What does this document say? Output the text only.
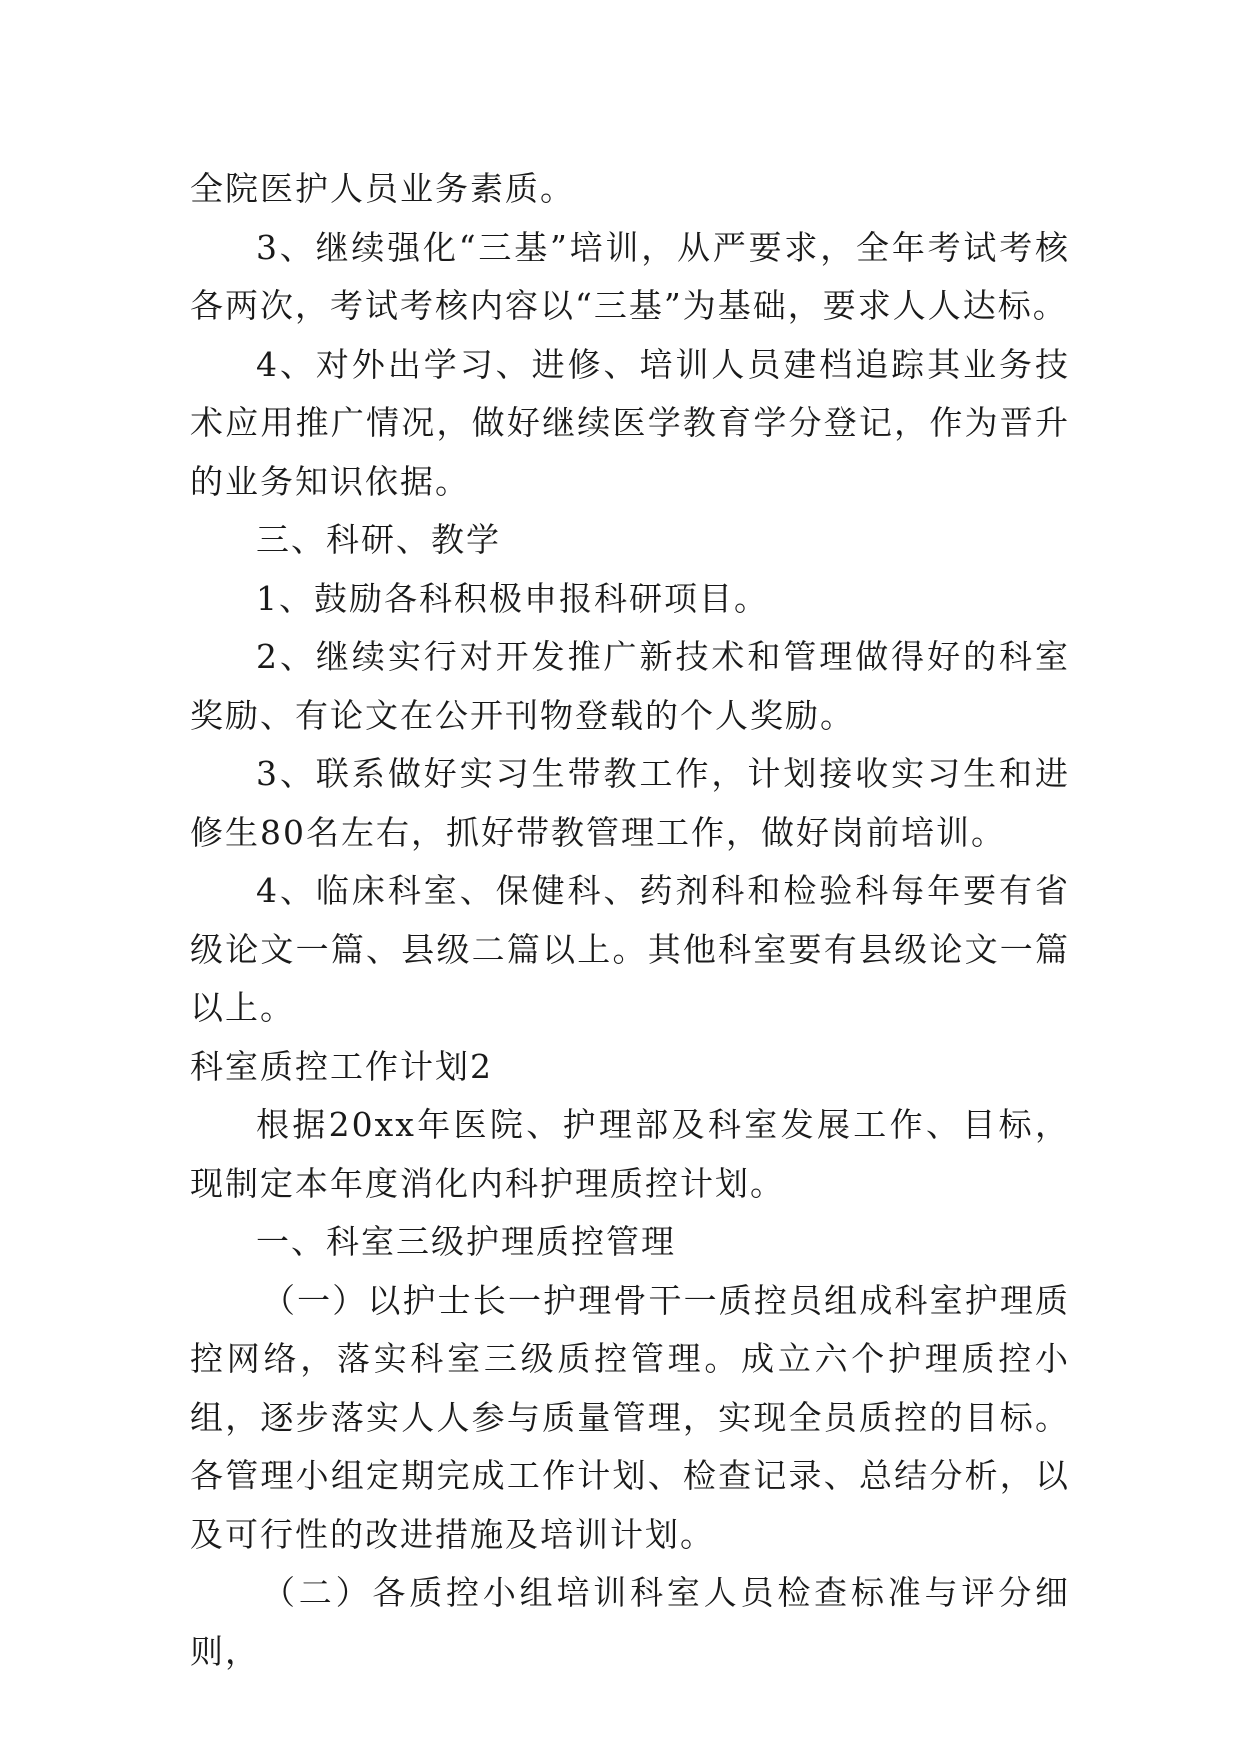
全院医护人员业务素质。

3、继续强化“三基”培训，从严要求，全年考试考核各两次，考试考核内容以“三基”为基础，要求人人达标。

4、对外出学习、进修、培训人员建档追踪其业务技术应用推广情况，做好继续医学教育学分登记，作为晋升的业务知识依据。

三、科研、教学

1、鼓励各科积极申报科研项目。

2、继续实行对开发推广新技术和管理做得好的科室奖励、有论文在公开刊物登载的个人奖励。

3、联系做好实习生带教工作，计划接收实习生和进修生80名左右，抓好带教管理工作，做好岗前培训。

4、临床科室、保健科、药剂科和检验科每年要有省级论文一篇、县级二篇以上。其他科室要有县级论文一篇以上。

科室质控工作计划2

根据20xx年医院、护理部及科室发展工作、目标，现制定本年度消化内科护理质控计划。

一、科室三级护理质控管理

（一）以护士长一护理骨干一质控员组成科室护理质控网络，落实科室三级质控管理。成立六个护理质控小组，逐步落实人人参与质量管理，实现全员质控的目标。各管理小组定期完成工作计划、检查记录、总结分析，以及可行性的改进措施及培训计划。

（二）各质控小组培训科室人员检查标准与评分细则，
